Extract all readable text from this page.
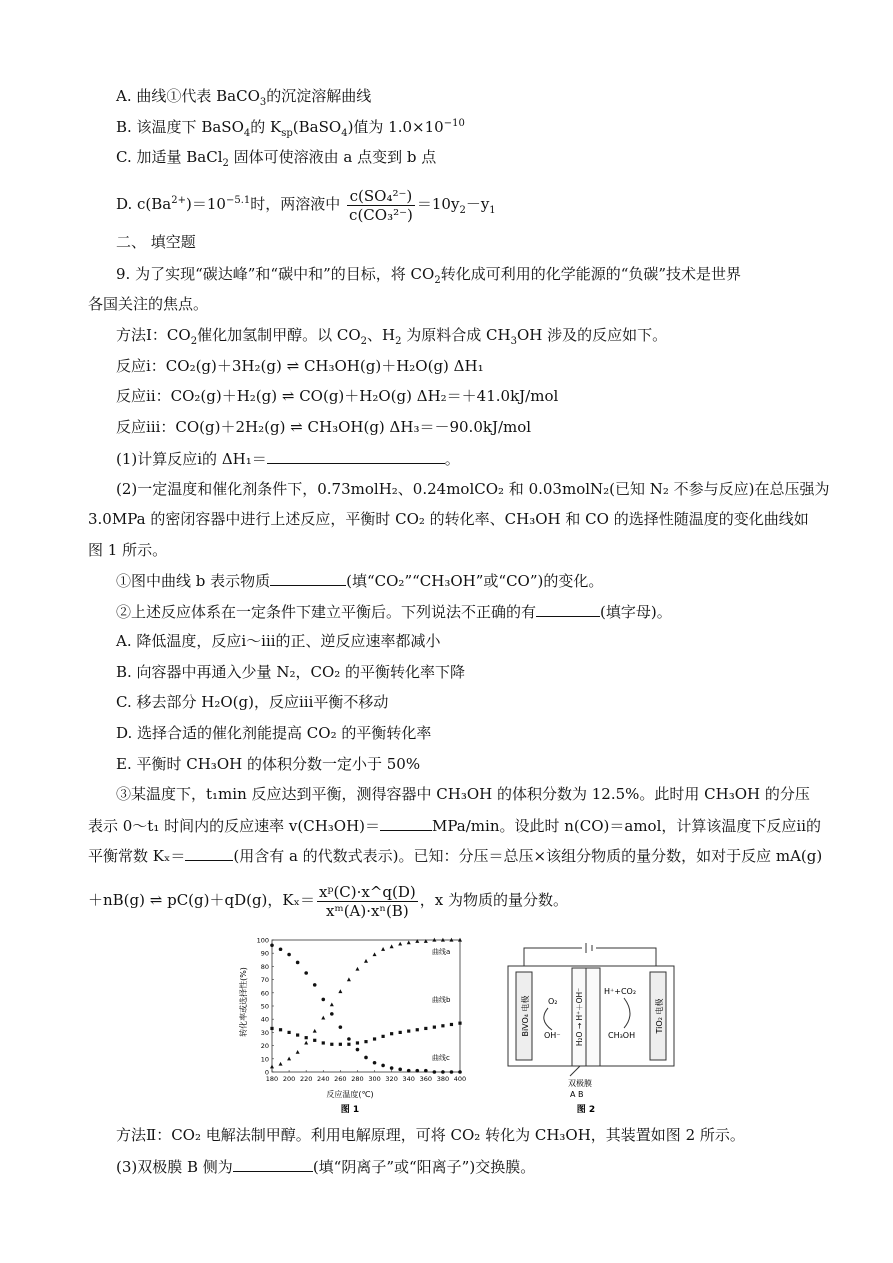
A. 曲线①代表 BaCO$_3$的沉淀溶解曲线
B. 该温度下 BaSO$_4$的 $K_{sp}(BaSO_4)$值为 $1.0\times 10^{-10}$
C. 加适量 BaCl$_2$ 固体可使溶液由 a 点变到 b 点
D. $c(Ba^{2+})=10^{-5.1}$时，两溶液中 $\frac{\text{c(SO₄²⁻)}}{\text{c(CO₃²⁻)}} =10y_2-y_1$
二、 填空题
9. 为了实现“碳达峰”和“碳中和”的目标，将 $CO_2$转化成可利用的化学能源的“负碳”技术是世界
各国关注的焦点。
方法Ⅰ：$CO_2$催化加氢制甲醇。以 $CO_2$、$H_2$ 为原料合成 $CH_3OH$ 涉及的反应如下。
反应ⅰ：CO₂(g)＋3H₂(g) ⇌ CH₃OH(g)＋H₂O(g) ΔH₁
反应ⅱ：CO₂(g)＋H₂(g) ⇌ CO(g)＋H₂O(g) ΔH₂＝＋41.0kJ/mol
反应ⅲ：CO(g)＋2H₂(g) ⇌ CH₃OH(g) ΔH₃＝－90.0kJ/mol
(1)计算反应ⅰ的 ΔH₁＝	。
(2)一定温度和催化剂条件下，0.73molH₂、0.24molCO₂ 和 0.03molN₂(已知 N₂ 不参与反应)在总压强为
3.0MPa 的密闭容器中进行上述反应，平衡时 CO₂ 的转化率、CH₃OH 和 CO 的选择性随温度的变化曲线如
图 1 所示。
①图中曲线 b 表示物质	(填“CO₂”“CH₃OH”或“CO”)的变化。
②上述反应体系在一定条件下建立平衡后。下列说法不正确的有	(填字母)。
A. 降低温度，反应ⅰ～ⅲ的正、逆反应速率都减小
B. 向容器中再通入少量 N₂，CO₂ 的平衡转化率下降
C. 移去部分 H₂O(g)，反应ⅲ平衡不移动
D. 选择合适的催化剂能提高 CO₂ 的平衡转化率
E. 平衡时 CH₃OH 的体积分数一定小于 50%
③某温度下，t₁min 反应达到平衡，测得容器中 CH₃OH 的体积分数为 12.5%。此时用 CH₃OH 的分压
表示 0～t₁ 时间内的反应速率 v(CH₃OH)＝	MPa/min。设此时 n(CO)＝amol，计算该温度下反应ⅱ的
平衡常数 Kₓ＝	(用含有 a 的代数式表示)。已知：分压＝总压×该组分物质的量分数，如对于反应 mA(g)
＋nB(g) ⇌ pC(g)＋qD(g)，$K_x= \frac{\text{xᵖ(C)·x\textasciicircum{}q(D)}}{\text{xᵐ(A)·xⁿ(B)}}$ ，x 为物质的量分数。
180 200 220 240 260 280 300 320 340 360 380 400
0
10
20
30
40
50
60
70
80
90
100
曲线a
曲线b
曲线c
反应温度(℃)
转化率或选择性(%)
图 1
BiVO₄ 电极	TiO₂ 电极
H₂O → H⁺＋OH⁻
O₂
OH⁻
H⁺+CO₂
CH₃OH
双极膜
A B
图 2
方法Ⅱ：CO₂ 电解法制甲醇。利用电解原理，可将 CO₂ 转化为 CH₃OH，其装置如图 2 所示。
(3)双极膜 B 侧为	(填“阴离子”或“阳离子”)交换膜。
